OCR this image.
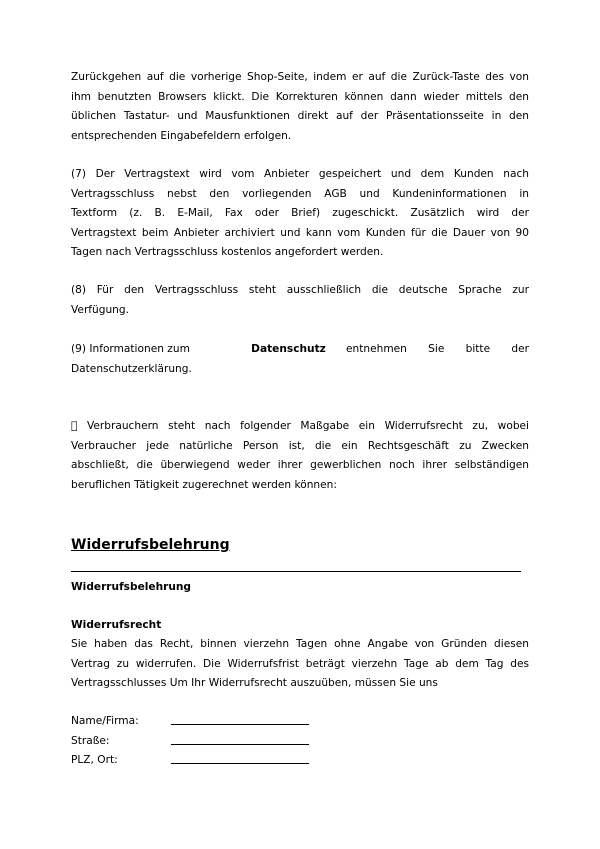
Zurückgehen auf die vorherige Shop-Seite, indem er auf die Zurück-Taste des von
ihm benutzten Browsers klickt. Die Korrekturen können dann wieder mittels den
üblichen Tastatur- und Mausfunktionen direkt auf der Präsentationsseite in den
entsprechenden Eingabefeldern erfolgen.
(7) Der Vertragstext wird vom Anbieter gespeichert und dem Kunden nach
Vertragsschluss nebst den vorliegenden AGB und Kundeninformationen in
Textform (z. B. E-Mail, Fax oder Brief) zugeschickt. Zusätzlich wird der
Vertragstext beim Anbieter archiviert und kann vom Kunden für die Dauer von 90
Tagen nach Vertragsschluss kostenlos angefordert werden.
(8) Für den Vertragsschluss steht ausschließlich die deutsche Sprache zur
Verfügung.
(9) Informationen zum	Datenschutz entnehmen Sie bitte der
Datenschutzerklärung.
Verbrauchern steht nach folgender Maßgabe ein Widerrufsrecht zu, wobei
Verbraucher jede natürliche Person ist, die ein Rechtsgeschäft zu Zwecken
abschließt, die überwiegend weder ihrer gewerblichen noch ihrer selbständigen
beruflichen Tätigkeit zugerechnet werden können:
Widerrufsbelehrung
Widerrufsbelehrung
Widerrufsrecht
Sie haben das Recht, binnen vierzehn Tagen ohne Angabe von Gründen diesen
Vertrag zu widerrufen. Die Widerrufsfrist beträgt vierzehn Tage ab dem Tag des
Vertragsschlusses Um Ihr Widerrufsrecht auszuüben, müssen Sie uns
Name/Firma:
Straße:
PLZ, Ort:
